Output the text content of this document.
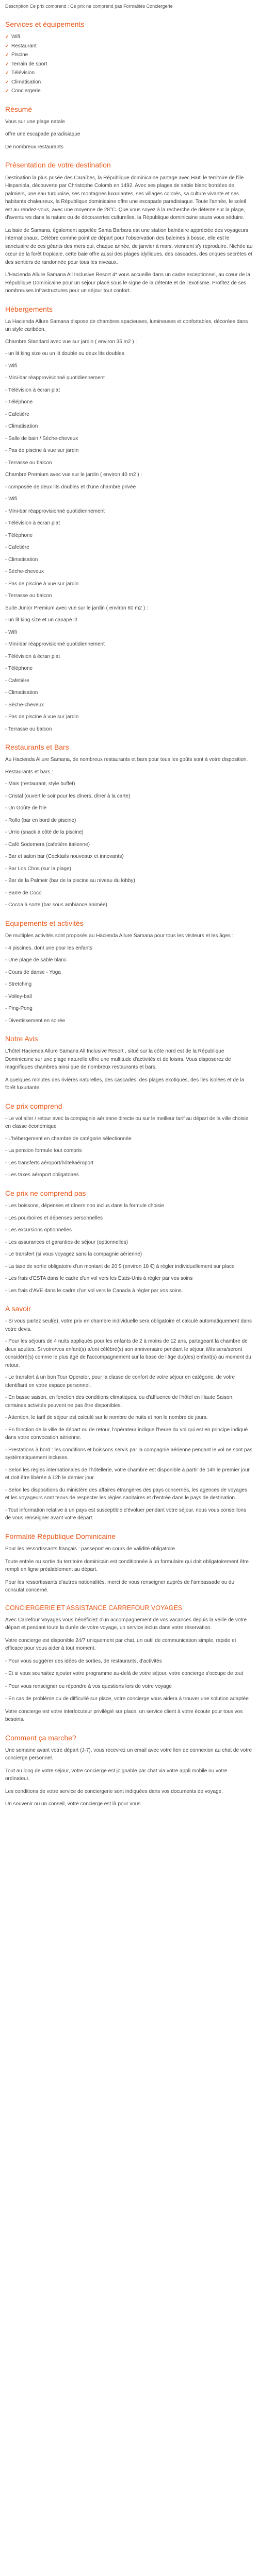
Description Ce prix comprend : Ce prix ne comprend pas Formalités Conciergerie

Services et équipements
✓ Wifi
✓ Restaurant
✓ Piscine
✓ Terrain de sport
✓ Télévision
✓ Climatisation
✓ Conciergerie
Résumé

Vous sur une plage natale

offre une escapade paradisiaque

De nombreux restaurants

Présentation de votre destination

Destination la plus prisée des Caraïbes, la République dominicaine partage avec Haïti le territoire de l'île Hispaniola, découverte par Christophe Colomb en 1492. Avec ses plages de sable blanc bordées de palmiers, une eau turquoise, ses montagnes luxuriantes, ses villages colorés, sa culture vivante et ses habitants chaleureux, la République dominicaine offre une escapade paradisiaque. Toute l'année, le soleil est au rendez-vous, avec une moyenne de 28°C. Que vous soyez à la recherche de détente sur la plage, d'aventures dans la nature ou de découvertes culturelles, la République dominicaine saura vous séduire.

La baie de Samana, également appelée Santa Barbara est une station balnéaire appréciée des voyageurs internationaux. Célèbre comme point de départ pour l'observation des baleines à bosse, elle est le sanctuaire de ces géants des mers qui, chaque année, de janvier à mars, viennent s'y reproduire. Nichée au cœur de la forêt tropicale, cette baie offre aussi des plages idylliques, des cascades, des criques secrètes et des sentiers de randonnée pour tous les niveaux.

L'Hacienda Allure Samana All Inclusive Resort 4* vous accueille dans un cadre exceptionnel, au cœur de la République Dominicaine pour un séjour placé sous le signe de la détente et de l'exotisme. Profitez de ses nombreuses infrastructures pour un séjour tout confort.

Hébergements

La Hacienda Allure Samana dispose de chambres spacieuses, lumineuses et confortables, décorées dans un style caribéen.

Chambre Standard avec vue sur jardin ( environ 35 m2 ) :

- un lit king size ou un lit double ou deux lits doubles

- Wifi

- Mini-bar réapprovisionné quotidiennement

- Télévision à écran plat

- Téléphone

- Cafetière

- Climatisation

- Salle de bain / Sèche-cheveux

- Pas de piscine à vue sur jardin

- Terrasse ou balcon

Chambre Premium avec vue sur le jardin ( environ 40 m2 ) :

- composée de deux lits doubles et d'une chambre privée

- Wifi

- Mini-bar réapprovisionné quotidiennement

- Télévision à écran plat

- Téléphone

- Cafetière

- Climatisation

- Sèche-cheveux

- Pas de piscine à vue sur jardin

- Terrasse ou balcon

Suite Junior Premium avec vue sur le jardin ( environ 60 m2 ) :

- un lit king size et un canapé lit

- Wifi

- Mini-bar réapprovisionné quotidiennement

- Télévision à écran plat

- Téléphone

- Cafetière

- Climatisation

- Sèche-cheveux

- Pas de piscine à vue sur jardin

- Terrasse ou balcon

Restaurants et Bars

Au Hacienda Allure Samana, de nombreux restaurants et bars pour tous les goûts sont à votre disposition.

Restaurants et bars :

- Mais (restaurant, style buffet)

- Cristal (ouvert le soir pour les dîners, dîner à la carte)

- Un Goûte de l'Ile

- Rollo (bar en bord de piscine)

- Urrio (snack à côté de la piscine)

- Café Sodemera (cafetière italienne)

- Bar et salon bar (Cocktails nouveaux et innovants)

- Bar Los Chos (sur la plage)

- Bar de la Palmeir (bar de la piscine au niveau du lobby)

- Barre de Coco

- Cocoa à sorte (bar sous ambiance animée)

Equipements et activités

De multiples activités sont proposés au Hacienda Allure Samana pour tous les visiteurs et les âges :

- 4 piscines, dont une pour les enfants

- Une plage de sable blanc

- Cours de danse - Yoga

- Stretching

- Volley-ball

- Ping-Pong

- Divertissement en soirée

Notre Avis

L'hôtel Hacienda Allure Samana All Inclusive Resort , situé sur la côte nord est de la République Dominicaine sur une plage naturelle offre une multitude d'activités et de loisirs. Vous disposerez de magnifiques chambres ainsi que de nombreux restaurants et bars.

A quelques minutes des rivières naturelles, des cascades, des plages exotiques, des îles isolées et de la forêt luxuriante.

Ce prix comprend

- Le vol aller / retour avec la compagnie aérienne directe ou sur le meilleur tarif au départ de la ville choisie en classe économique

- L'hébergement en chambre de catégorie sélectionnée

- La pension formule tout compris

- Les transferts aéroport/hôtel/aéroport

- Les taxes aéroport obligatoires

Ce prix ne comprend pas

- Les boissons, dépenses et dîners non inclus dans la formule choisie

- Les pourboires et dépenses personnelles

- Les excursions optionnelles

- Les assurances et garanties de séjour (optionnelles)

- Le transfert (si vous voyagez sans la compagnie aérienne)

- La taxe de sortie obligatoire d'un montant de 20 $ (environ 18 €) à régler individuellement sur place

- Les frais d'ESTA dans le cadre d'un vol vers les États-Unis à régler par vos soins

- Les frais d'AVE dans le cadre d'un vol vers le Canada à régler par vos soins.

A savoir

- Si vous partez seul(e), votre prix en chambre individuelle sera obligatoire et calculé automatiquement dans votre devis.

- Pour les séjours de 4 nuits appliqués pour les enfants de 2 à moins de 12 ans, partageant la chambre de deux adultes. Si votre/vos enfant(s) a/ont célébré(s) son anniversaire pendant le séjour, il/ils sera/seront considéré(s) comme le plus âgé de l'accompagnement sur la base de l'âge du(des) enfant(s) au moment du retour.

- Le transfert à un bon Tour Operator, pour la classe de confort de votre séjour en catégorie, de votre identifiant en votre espace personnel.

- En basse saison, en fonction des conditions climatiques, ou d'affluence de l'hôtel en Haute Saison, certaines activités peuvent ne pas être disponibles.

- Attention, le tarif de séjour est calculé sur le nombre de nuits et non le nombre de jours.

- En fonction de la ville de départ ou de retour, l'opérateur indique l'heure du vol qui est en principe indiqué dans votre convocation aérienne.

- Prestations à bord : les conditions et boissons servis par la compagnie aérienne pendant le vol ne sont pas systématiquement incluses.

- Selon les règles internationales de l'hôtellerie, votre chambre est disponible à partir de 14h le premier jour et doit être libérée à 12h le dernier jour.

- Selon les dispositions du ministère des affaires étrangères des pays concernés, les agences de voyages et les voyageurs sont tenus de respecter les règles sanitaires et d'entrée dans le pays de destination.

- Tout information relative à un pays est susceptible d'évoluer pendant votre séjour, nous vous conseillons de vous renseigner avant votre départ.

Formalité République Dominicaine

Pour les ressortissants français : passeport en cours de validité obligatoire.

Toute entrée ou sortie du territoire dominicain est conditionnée à un formulaire qui doit obligatoirement être rempli en ligne préalablement au départ.

Pour les ressortissants d'autres nationalités, merci de vous renseigner auprès de l'ambassade ou du consulat concerné.

CONCIERGERIE ET ASSISTANCE CARREFOUR VOYAGES

Avec Carrefour Voyages vous bénéficiez d'un accompagnement de vos vacances depuis la veille de votre départ et pendant toute la durée de votre voyage, un service inclus dans votre réservation.

Votre concierge est disponible 24/7 uniquement par chat, un outil de communication simple, rapide et efficace pour vous aider à tout moment.

- Pour vous suggérer des idées de sorties, de restaurants, d'activités

- Et si vous souhaitez ajouter votre programme au-delà de votre séjour, votre concierge s'occupe de tout

- Pour vous renseigner ou répondre à vos questions lors de votre voyage

- En cas de problème ou de difficulté sur place, votre concierge vous aidera à trouver une solution adaptée

Votre concierge est votre interlocuteur privilégié sur place, un service client à votre écoute pour tous vos besoins.

Comment ça marche?

Une semaine avant votre départ (J-7), vous recevrez un email avec votre lien de connexion au chat de votre concierge personnel.

Tout au long de votre séjour, votre concierge est joignable par chat via votre appli mobile ou votre ordinateur.

Les conditions de votre service de conciergerie sont indiquées dans vos documents de voyage.

Un souvenir ou un conseil, votre concierge est là pour vous.
